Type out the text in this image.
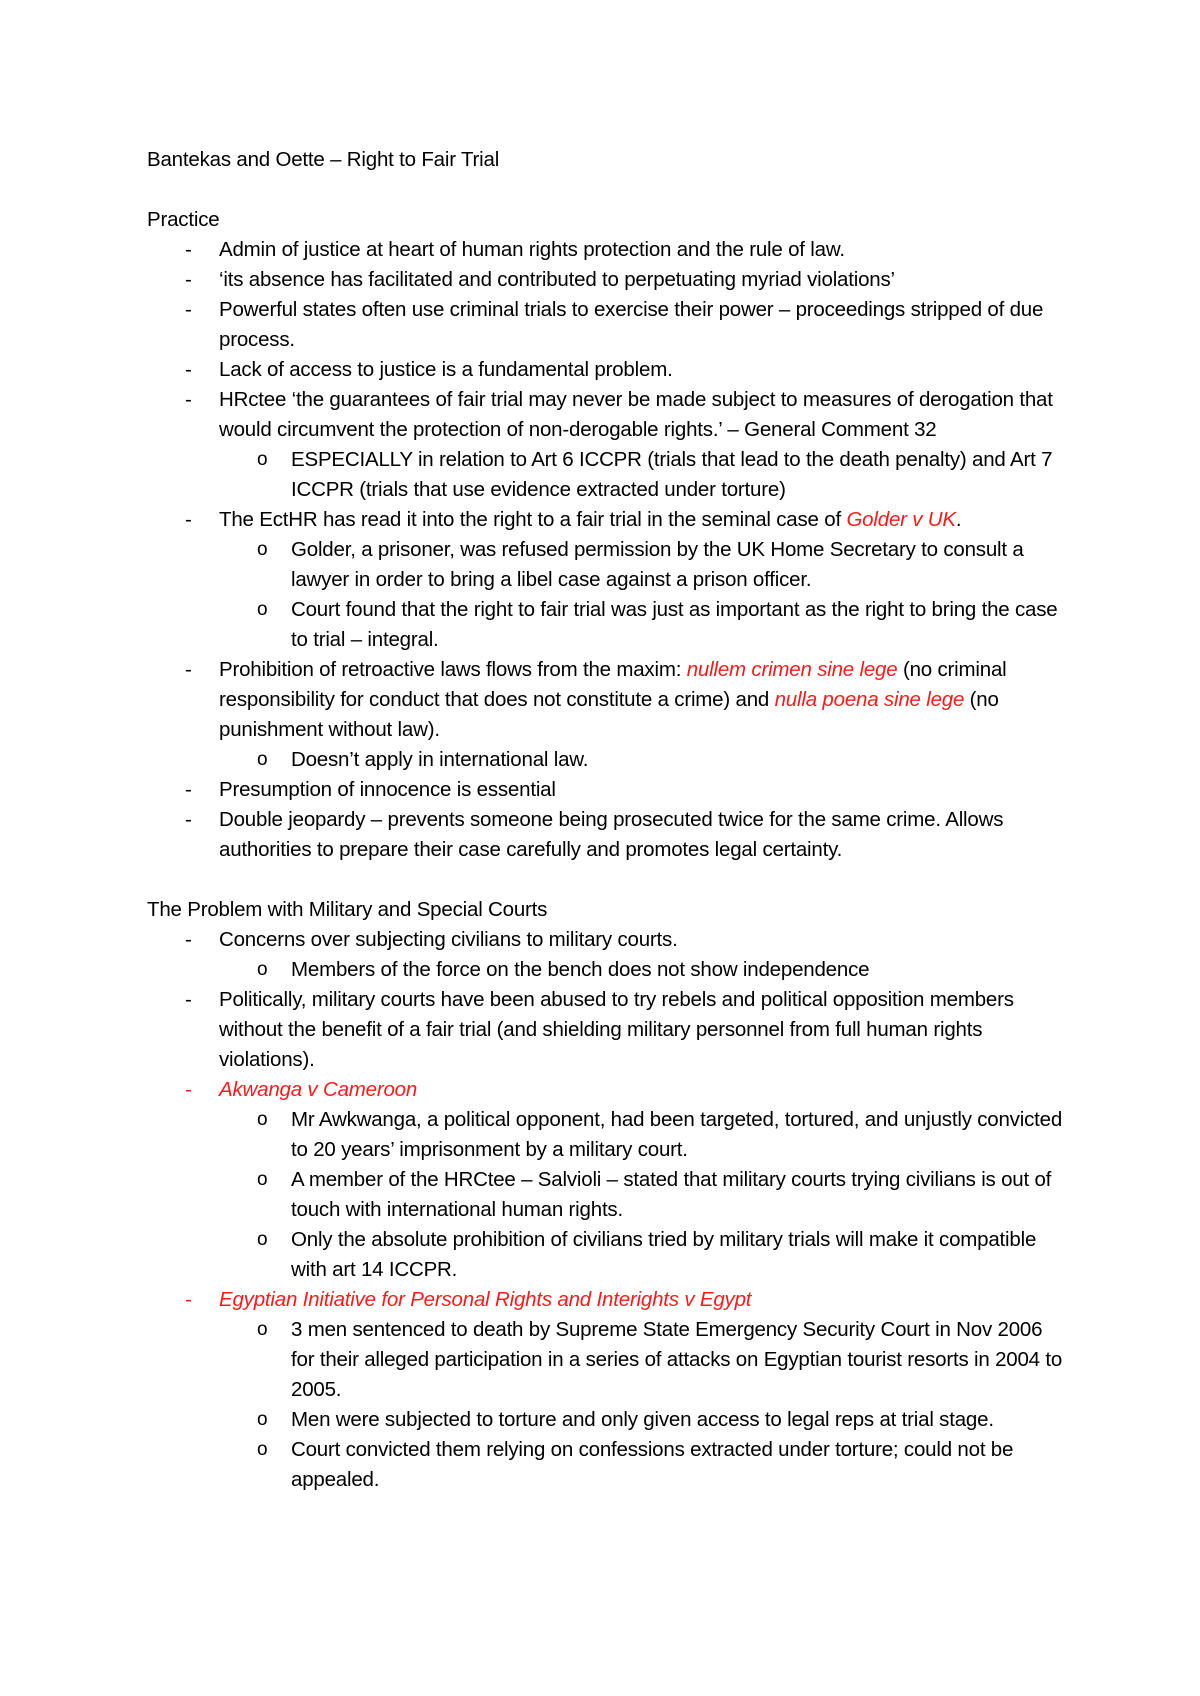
Bantekas and Oette – Right to Fair Trial

Practice

- Admin of justice at heart of human rights protection and the rule of law.

- ‘its absence has facilitated and contributed to perpetuating myriad violations’

- Powerful states often use criminal trials to exercise their power – proceedings stripped of due process.

- Lack of access to justice is a fundamental problem.

- HRctee ‘the guarantees of fair trial may never be made subject to measures of derogation that would circumvent the protection of non-derogable rights.’ – General Comment 32

o ESPECIALLY in relation to Art 6 ICCPR (trials that lead to the death penalty) and Art 7 ICCPR (trials that use evidence extracted under torture)

- The EctHR has read it into the right to a fair trial in the seminal case of Golder v UK.

o Golder, a prisoner, was refused permission by the UK Home Secretary to consult a lawyer in order to bring a libel case against a prison officer.

o Court found that the right to fair trial was just as important as the right to bring the case to trial – integral.

- Prohibition of retroactive laws flows from the maxim: nullem crimen sine lege (no criminal responsibility for conduct that does not constitute a crime) and nulla poena sine lege (no punishment without law).

o Doesn’t apply in international law.

- Presumption of innocence is essential

- Double jeopardy – prevents someone being prosecuted twice for the same crime. Allows authorities to prepare their case carefully and promotes legal certainty.

The Problem with Military and Special Courts

- Concerns over subjecting civilians to military courts.

o Members of the force on the bench does not show independence

- Politically, military courts have been abused to try rebels and political opposition members without the benefit of a fair trial (and shielding military personnel from full human rights violations).

- Akwanga v Cameroon

o Mr Awkwanga, a political opponent, had been targeted, tortured, and unjustly convicted to 20 years’ imprisonment by a military court.

o A member of the HRCtee – Salvioli – stated that military courts trying civilians is out of touch with international human rights.

o Only the absolute prohibition of civilians tried by military trials will make it compatible with art 14 ICCPR.

- Egyptian Initiative for Personal Rights and Interights v Egypt

o 3 men sentenced to death by Supreme State Emergency Security Court in Nov 2006 for their alleged participation in a series of attacks on Egyptian tourist resorts in 2004 to 2005.

o Men were subjected to torture and only given access to legal reps at trial stage.

o Court convicted them relying on confessions extracted under torture; could not be appealed.
